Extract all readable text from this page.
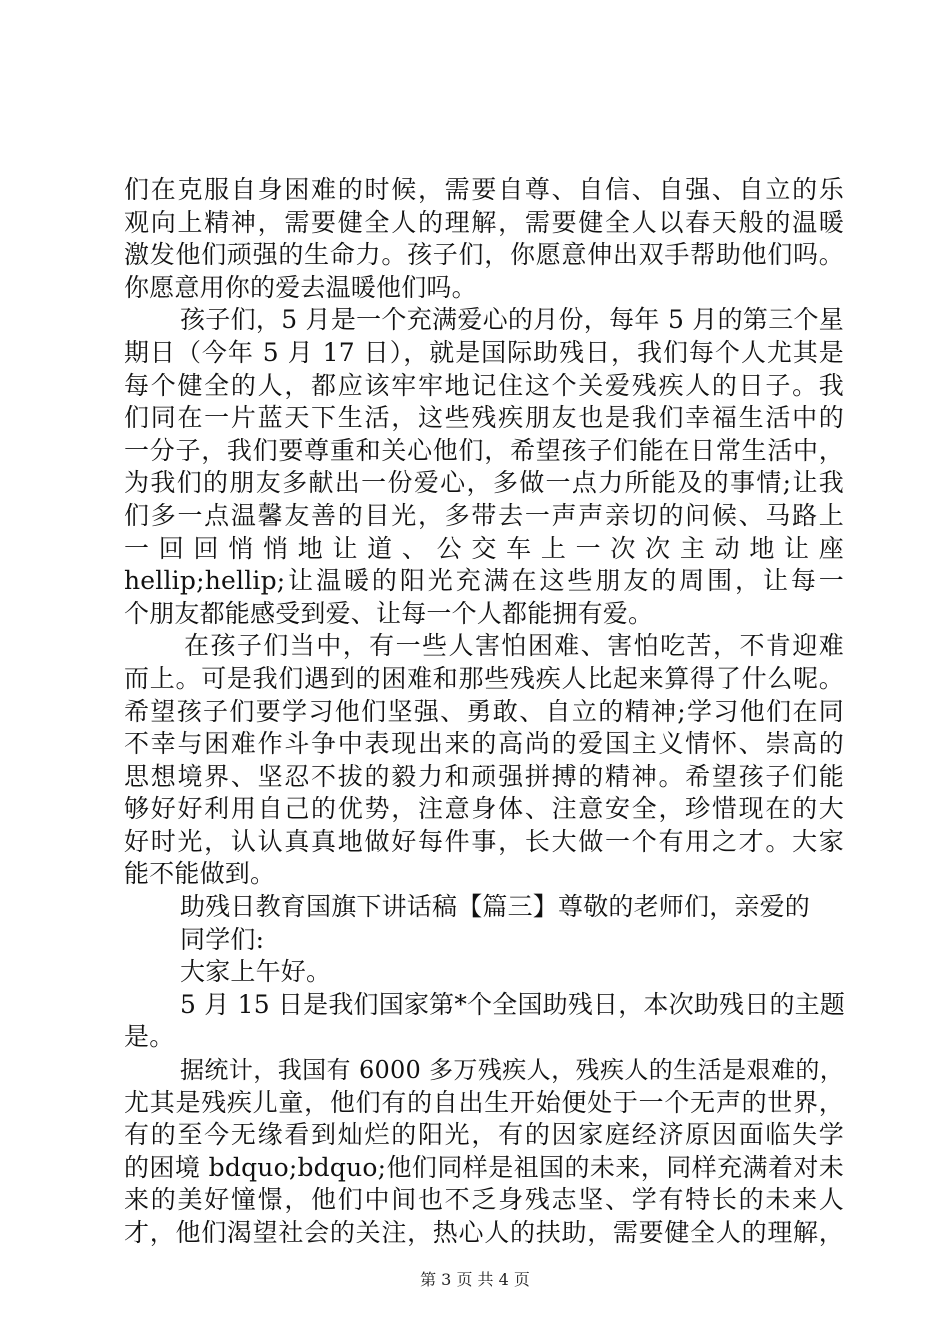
们在克服自身困难的时候，需要自尊、自信、自强、自立的乐
观向上精神，需要健全人的理解，需要健全人以春天般的温暖
激发他们顽强的生命力。孩子们，你愿意伸出双手帮助他们吗。
你愿意用你的爱去温暖他们吗。
孩子们，5 月是一个充满爱心的月份，每年 5 月的第三个星
期日（今年 5 月 17 日），就是国际助残日，我们每个人尤其是
每个健全的人，都应该牢牢地记住这个关爱残疾人的日子。我
们同在一片蓝天下生活，这些残疾朋友也是我们幸福生活中的
一分子，我们要尊重和关心他们，希望孩子们能在日常生活中，
为我们的朋友多献出一份爱心，多做一点力所能及的事情;让我
们多一点温馨友善的目光，多带去一声声亲切的问候、马路上
一 回 回 悄 悄 地 让 道 、 公 交 车 上 一 次 次 主 动 地 让 座
hellip;hellip;让温暖的阳光充满在这些朋友的周围，让每一
个朋友都能感受到爱、让每一个人都能拥有爱。
在孩子们当中，有一些人害怕困难、害怕吃苦，不肯迎难
而上。可是我们遇到的困难和那些残疾人比起来算得了什么呢。
希望孩子们要学习他们坚强、勇敢、自立的精神;学习他们在同
不幸与困难作斗争中表现出来的高尚的爱国主义情怀、崇高的
思想境界、坚忍不拔的毅力和顽强拼搏的精神。希望孩子们能
够好好利用自己的优势，注意身体、注意安全，珍惜现在的大
好时光，认认真真地做好每件事，长大做一个有用之才。大家
能不能做到。
助残日教育国旗下讲话稿【篇三】尊敬的老师们，亲爱的
同学们:
大家上午好。
5 月 15 日是我们国家第*个全国助残日，本次助残日的主题
是。
据统计，我国有 6000 多万残疾人，残疾人的生活是艰难的，
尤其是残疾儿童，他们有的自出生开始便处于一个无声的世界，
有的至今无缘看到灿烂的阳光，有的因家庭经济原因面临失学
的困境 bdquo;bdquo;他们同样是祖国的未来，同样充满着对未
来的美好憧憬，他们中间也不乏身残志坚、学有特长的未来人
才，他们渴望社会的关注，热心人的扶助，需要健全人的理解，
第 3 页 共 4 页
